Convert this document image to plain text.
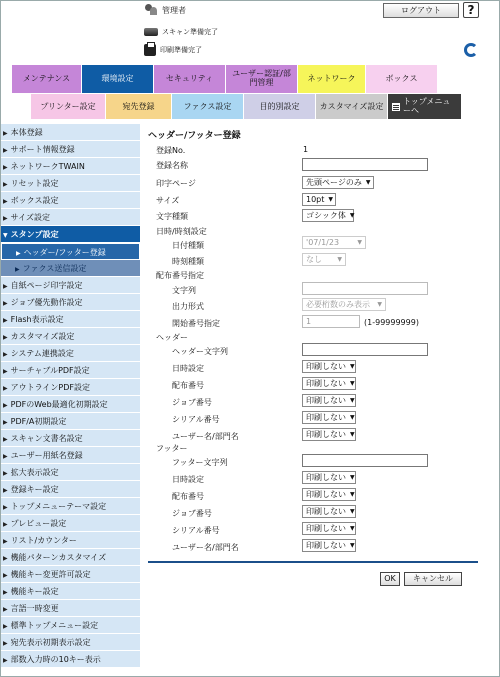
管理者	ログアウト	?
スキャン準備完了
印刷準備完了
メンテナンス	環境設定	セキュリティ	ユーザー認証/部門管理	ネットワーク	ボックス
プリンター設定	宛先登録	ファクス設定	目的別設定	カスタマイズ設定
トップメニューへ
▶ 本体登録
▶ サポート情報登録
▶ ネットワークTWAIN
▶ リセット設定
▶ ボックス設定
▶ サイズ設定
▼ スタンプ設定
▶ ヘッダー/フッター登録
▶ ファクス送信設定
▶ 自紙ページ印字設定
▶ ジョブ優先動作設定
▶ Flash表示設定
▶ カスタマイズ設定
▶ システム連携設定
▶ サーチャブルPDF設定
▶ アウトラインPDF設定
▶ PDFのWeb最適化初期設定
▶ PDF/A初期設定
▶ スキャン文書名設定
▶ ユーザー用紙名登録
▶ 拡大表示設定
▶ 登録キー設定
▶ トップメニューテーマ設定
▶ プレビュー設定
▶ リスト/カウンター
▶ 機能パターンカスタマイズ
▶ 機能キー変更許可設定
▶ 機能キー設定
▶ 言語一時変更
▶ 標準トップメニュー設定
▶ 宛先表示初期表示設定
▶ 部数入力時の10キー表示
ヘッダー/フッター登録
登録No.	1
登録名称
印字ページ	先頭ページのみ ▼
サイズ	10pt ▼
文字種類	ゴシック体 ▼
日時/時刻設定
日付種類	'07/1/23	▼
時刻種類	なし	▼
配布番号指定
文字列
出力形式	必要桁数のみ表示 ▼
開始番号指定	1	(1-99999999)
ヘッダー
ヘッダー文字列
日時設定	印刷しない ▼
配布番号	印刷しない ▼
ジョブ番号	印刷しない ▼
シリアル番号	印刷しない ▼
ユーザー名/部門名	印刷しない ▼
フッター
フッター文字列
日時設定	印刷しない ▼
配布番号	印刷しない ▼
ジョブ番号	印刷しない ▼
シリアル番号	印刷しない ▼
ユーザー名/部門名	印刷しない ▼
OK	キャンセル
